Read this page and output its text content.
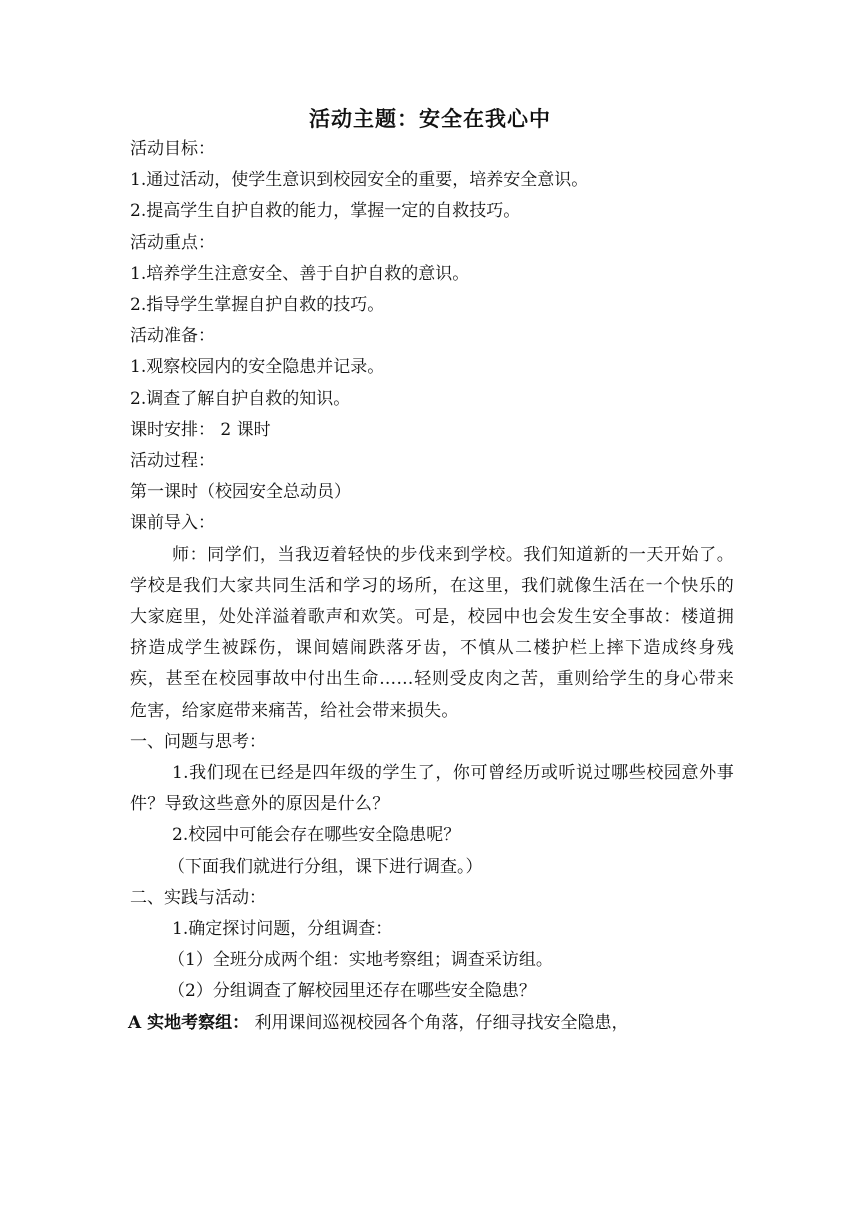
活动主题：安全在我心中
活动目标：
1.通过活动，使学生意识到校园安全的重要，培养安全意识。
2.提高学生自护自救的能力，掌握一定的自救技巧。
活动重点：
1.培养学生注意安全、善于自护自救的意识。
2.指导学生掌握自护自救的技巧。
活动准备：
1.观察校园内的安全隐患并记录。
2.调查了解自护自救的知识。
课时安排： 2 课时
活动过程：
第一课时（校园安全总动员）
课前导入：
师：同学们，当我迈着轻快的步伐来到学校。我们知道新的一天开始了。学校是我们大家共同生活和学习的场所，在这里，我们就像生活在一个快乐的大家庭里，处处洋溢着歌声和欢笑。可是，校园中也会发生安全事故：楼道拥挤造成学生被踩伤，课间嬉闹跌落牙齿，不慎从二楼护栏上摔下造成终身残疾，甚至在校园事故中付出生命……轻则受皮肉之苦，重则给学生的身心带来危害，给家庭带来痛苦，给社会带来损失。
一、问题与思考：
1.我们现在已经是四年级的学生了，你可曾经历或听说过哪些校园意外事件？导致这些意外的原因是什么？
2.校园中可能会存在哪些安全隐患呢？
（下面我们就进行分组，课下进行调查。）
二、实践与活动：
1.确定探讨问题，分组调查：
（1）全班分成两个组：实地考察组；调查采访组。
（2）分组调查了解校园里还存在哪些安全隐患？
A 实地考察组： 利用课间巡视校园各个角落，仔细寻找安全隐患，
